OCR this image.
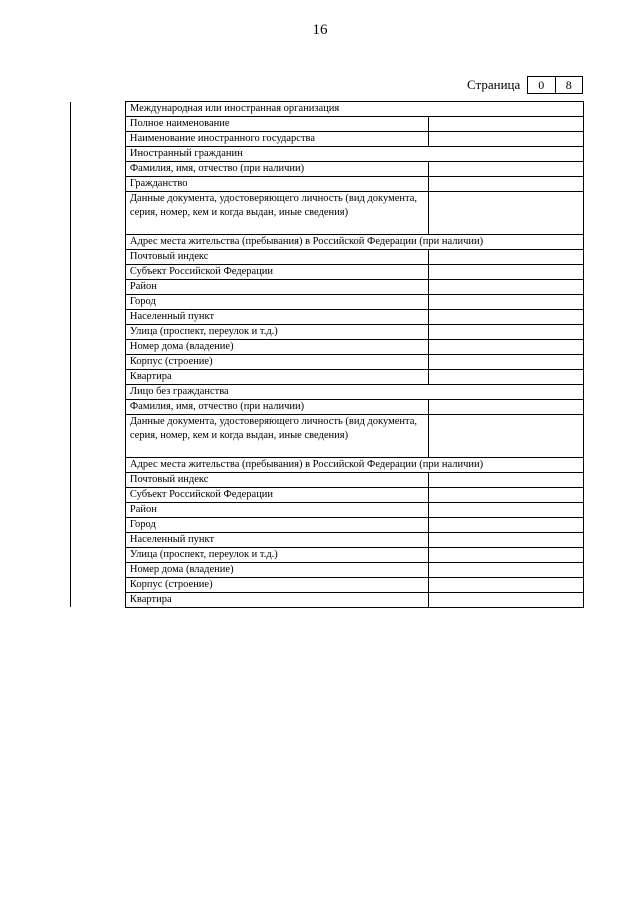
16
Страница	0	8
	Международная или иностранная организация	
	Полное наименование	
	Наименование иностранного государства	
	Иностранный гражданин	
	Фамилия, имя, отчество (при наличии)	
	Гражданство	
	Данные документа, удостоверяющего личность (вид документа, серия, номер, кем и когда выдан, иные сведения)	
	Адрес места жительства (пребывания) в Российской Федерации (при наличии)	
	Почтовый индекс	
	Субъект Российской Федерации	
	Район	
	Город	
	Населенный пункт	
	Улица (проспект, переулок и т.д.)	
	Номер дома (владение)	
	Корпус (строение)	
	Квартира	
	Лицо без гражданства	
	Фамилия, имя, отчество (при наличии)	
	Данные документа, удостоверяющего личность (вид документа, серия, номер, кем и когда выдан, иные сведения)	
	Адрес места жительства (пребывания) в Российской Федерации (при наличии)	
	Почтовый индекс	
	Субъект Российской Федерации	
	Район	
	Город	
	Населенный пункт	
	Улица (проспект, переулок и т.д.)	
	Номер дома (владение)	
	Корпус (строение)	
	Квартира	
